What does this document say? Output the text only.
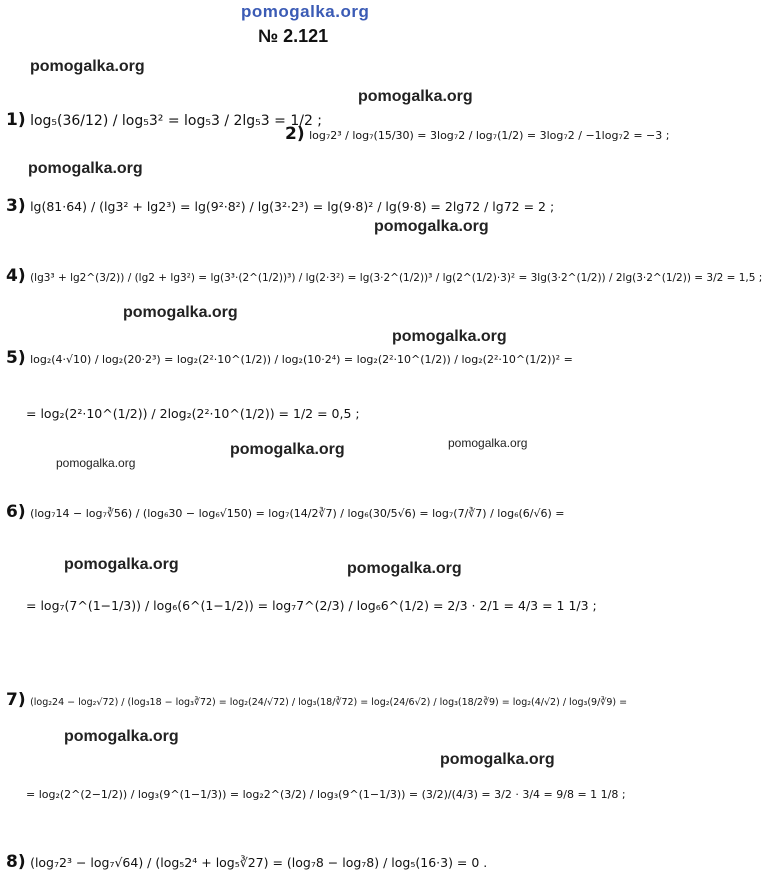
pomogalka.org
№ 2.121
pomogalka.org
pomogalka.org
pomogalka.org
pomogalka.org
pomogalka.org
pomogalka.org
pomogalka.org	pomogalka.org
pomogalka.org
pomogalka.org	pomogalka.org
pomogalka.org
pomogalka.org
1) log₅(36/12) / log₅3² = log₅3 / 2lg₅3 = 1/2 ;
2) log₇2³ / log₇(15/30) = 3log₇2 / log₇(1/2) = 3log₇2 / −1log₇2 = −3 ;
3) lg(81·64) / (lg3² + lg2³) = lg(9²·8²) / lg(3²·2³) = lg(9·8)² / lg(9·8) = 2lg72 / lg72 = 2 ;
4) (lg3³ + lg2^(3/2)) / (lg2 + lg3²) = lg(3³·(2^(1/2))³) / lg(2·3²) = lg(3·2^(1/2))³ / lg(2^(1/2)·3)² = 3lg(3·2^(1/2)) / 2lg(3·2^(1/2)) = 3/2 = 1,5 ;
5) log₂(4·√10) / log₂(20·2³) = log₂(2²·10^(1/2)) / log₂(10·2⁴) = log₂(2²·10^(1/2)) / log₂(2²·10^(1/2))² =
= log₂(2²·10^(1/2)) / 2log₂(2²·10^(1/2)) = 1/2 = 0,5 ;
6) (log₇14 − log₇∛56) / (log₆30 − log₆√150) = log₇(14/2∛7) / log₆(30/5√6) = log₇(7/∛7) / log₆(6/√6) =
= log₇(7^(1−1/3)) / log₆(6^(1−1/2)) = log₇7^(2/3) / log₆6^(1/2) = 2/3 · 2/1 = 4/3 = 1 1/3 ;
7) (log₂24 − log₂√72) / (log₃18 − log₃∛72) = log₂(24/√72) / log₃(18/∛72) = log₂(24/6√2) / log₃(18/2∛9) = log₂(4/√2) / log₃(9/∛9) =
= log₂(2^(2−1/2)) / log₃(9^(1−1/3)) = log₂2^(3/2) / log₃(9^(1−1/3)) = (3/2)/(4/3) = 3/2 · 3/4 = 9/8 = 1 1/8 ;
8) (log₇2³ − log₇√64) / (log₅2⁴ + log₅∛27) = (log₇8 − log₇8) / log₅(16·3) = 0 .
